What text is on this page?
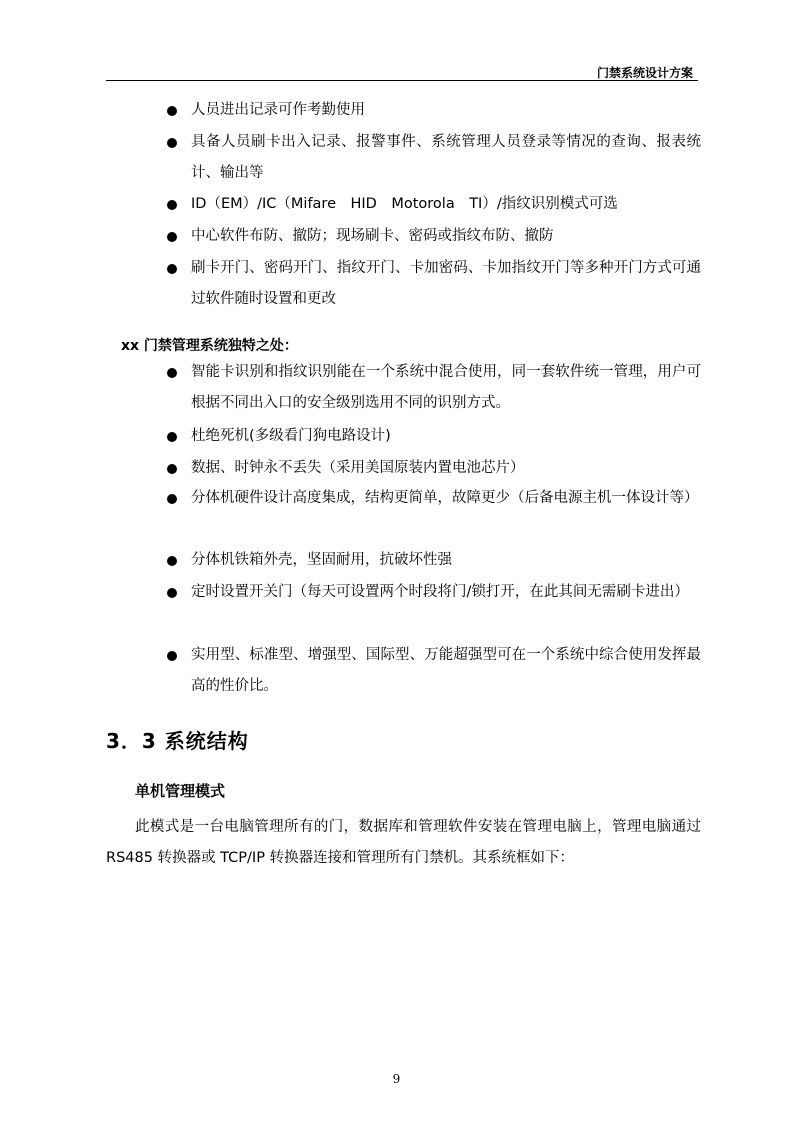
门禁系统设计方案
人员进出记录可作考勤使用
具备人员刷卡出入记录、报警事件、系统管理人员登录等情况的查询、报表统计、输出等
ID（EM）/IC（Mifare　HID　Motorola　TI）/指纹识别模式可选
中心软件布防、撤防；现场刷卡、密码或指纹布防、撤防
刷卡开门、密码开门、指纹开门、卡加密码、卡加指纹开门等多种开门方式可通过软件随时设置和更改
xx 门禁管理系统独特之处：
智能卡识别和指纹识别能在一个系统中混合使用，同一套软件统一管理，用户可根据不同出入口的安全级别选用不同的识别方式。
杜绝死机(多级看门狗电路设计)
数据、时钟永不丢失（采用美国原装内置电池芯片）
分体机硬件设计高度集成，结构更简单，故障更少（后备电源主机一体设计等）
分体机铁箱外壳，坚固耐用，抗破坏性强
定时设置开关门（每天可设置两个时段将门/锁打开，在此其间无需刷卡进出）
实用型、标准型、增强型、国际型、万能超强型可在一个系统中综合使用发挥最高的性价比。
3．3 系统结构
单机管理模式
此模式是一台电脑管理所有的门，数据库和管理软件安装在管理电脑上，管理电脑通过 RS485 转换器或 TCP/IP 转换器连接和管理所有门禁机。其系统框如下：
9
